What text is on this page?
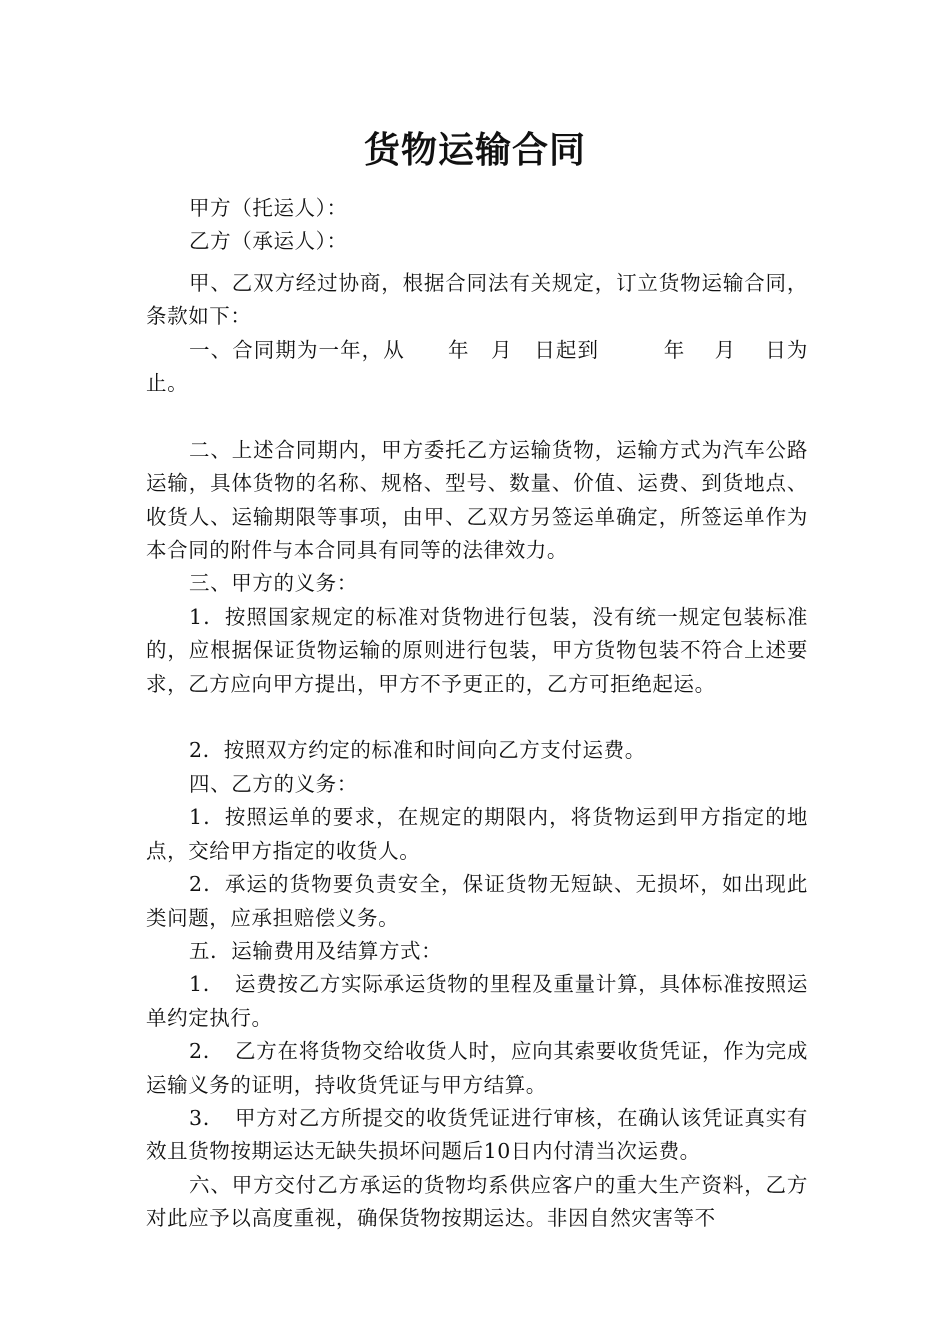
货物运输合同

甲方（托运人）：

乙方（承运人）：

甲、乙双方经过协商，根据合同法有关规定，订立货物运输合同，条款如下：

一、合同期为一年，从　　年　月　日起到　　　年　 月　 日为止。

二、上述合同期内，甲方委托乙方运输货物，运输方式为汽车公路运输，具体货物的名称、规格、型号、数量、价值、运费、到货地点、收货人、运输期限等事项，由甲、乙双方另签运单确定，所签运单作为本合同的附件与本合同具有同等的法律效力。

三、甲方的义务：

1．按照国家规定的标准对货物进行包装，没有统一规定包装标准的，应根据保证货物运输的原则进行包装，甲方货物包装不符合上述要求，乙方应向甲方提出，甲方不予更正的，乙方可拒绝起运。

2．按照双方约定的标准和时间向乙方支付运费。

四、乙方的义务：

1．按照运单的要求，在规定的期限内，将货物运到甲方指定的地点，交给甲方指定的收货人。

2．承运的货物要负责安全，保证货物无短缺、无损坏，如出现此类问题，应承担赔偿义务。

五．运输费用及结算方式：

1．　运费按乙方实际承运货物的里程及重量计算，具体标准按照运单约定执行。

2．　乙方在将货物交给收货人时，应向其索要收货凭证，作为完成运输义务的证明，持收货凭证与甲方结算。

3．　甲方对乙方所提交的收货凭证进行审核，在确认该凭证真实有效且货物按期运达无缺失损坏问题后10日内付清当次运费。

六、甲方交付乙方承运的货物均系供应客户的重大生产资料，乙方对此应予以高度重视，确保货物按期运达。非因自然灾害等不
